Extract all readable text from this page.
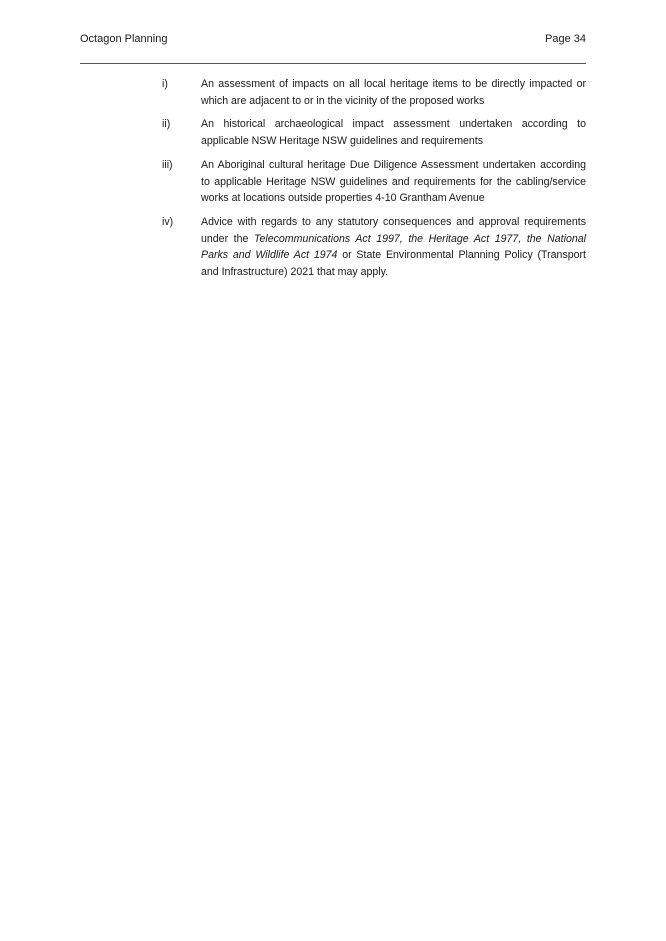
Octagon Planning	Page 34
i)	An assessment of impacts on all local heritage items to be directly impacted or which are adjacent to or in the vicinity of the proposed works
ii)	An historical archaeological impact assessment undertaken according to applicable NSW Heritage NSW guidelines and requirements
iii)	An Aboriginal cultural heritage Due Diligence Assessment undertaken according to applicable Heritage NSW guidelines and requirements for the cabling/service works at locations outside properties 4-10 Grantham Avenue
iv)	Advice with regards to any statutory consequences and approval requirements under the Telecommunications Act 1997, the Heritage Act 1977, the National Parks and Wildlife Act 1974 or State Environmental Planning Policy (Transport and Infrastructure) 2021 that may apply.
